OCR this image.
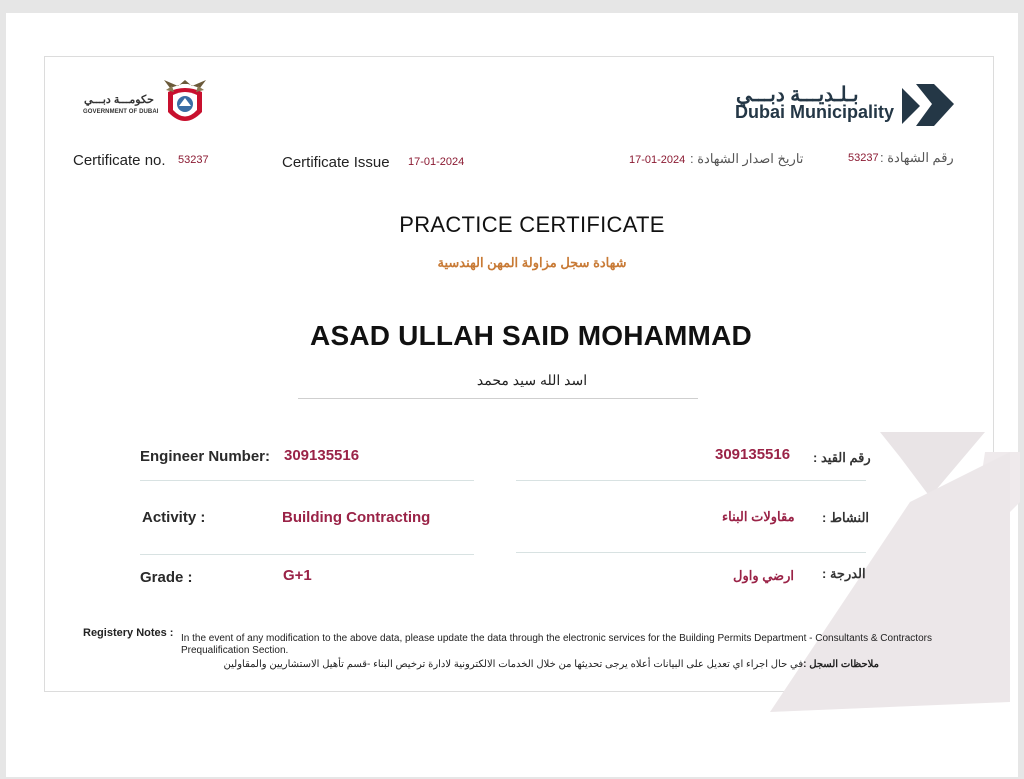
حكومـــة دبـــي
GOVERNMENT OF DUBAI
بـلـديـــة دبـــي
Dubai Municipality
Certificate no. 53237	Certificate Issue 17-01-2024	17-01-2024 تاريخ اصدار الشهادة :	53237 رقم الشهادة :
PRACTICE CERTIFICATE
شهادة سجل مزاولة المهن الهندسية
ASAD ULLAH SAID MOHAMMAD
اسد الله سيد محمد
Engineer Number: 309135516	309135516 رقم القيد :
Activity :	Building Contracting	مقاولات البناء النشاط :
Grade :	G+1	ارضي واول الدرجة :
Registery Notes : In the event of any modification to the above data, please update the data through the electronic services for the Building Permits Department - Consultants & Contractors Prequalification Section.
ملاحظات السجل :في حال اجراء اي تعديل على البيانات أعلاه يرجى تحديثها من خلال الخدمات الالكترونية لادارة ترخيص البناء -قسم تأهيل الاستشاريين والمقاولين
